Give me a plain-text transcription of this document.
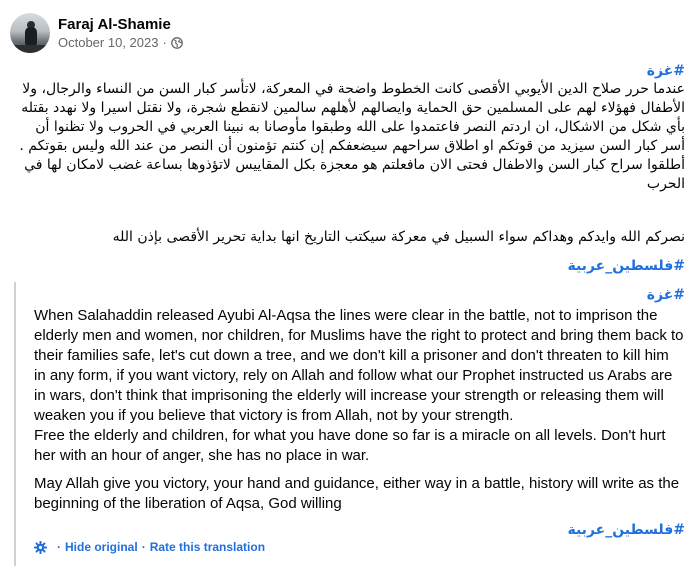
Faraj Al-Shamie
October 10, 2023 ·
#غزة

عندما حرر صلاح الدين الأيوبي الأقصى كانت الخطوط واضحة في المعركة، لاتأسر كبار السن من النساء والرجال، ولا الأطفال فهؤلاء لهم على المسلمين حق الحماية وايصالهم لأهلهم سالمين لانقطع شجرة، ولا نقتل اسيرا ولا نهدد بقتله بأي شكل من الاشكال، ان اردتم النصر فاعتمدوا على الله وطبقوا مأوصانا به نبينا العربي في الحروب ولا تظنوا أن أسر كبار السن سيزيد من قوتكم او اطلاق سراحهم سيضعفكم إن كنتم تؤمنون أن النصر من عند الله وليس بقوتكم .

أطلقوا سراح كبار السن والاطفال فحتى الان مافعلتم هو معجزة بكل المقاييس لاتؤذوها بساعة غضب لامكان لها في الحرب

نصركم الله وايدكم وهداكم سواء السبيل في معركة سيكتب التاريخ انها بداية تحرير الأقصى بإذن الله

#فلسطين_عربية
#غزة

When Salahaddin released Ayubi Al-Aqsa the lines were clear in the battle, not to imprison the elderly men and women, nor children, for Muslims have the right to protect and bring them back to their families safe, let's cut down a tree, and we don't kill a prisoner and don't threaten to kill him in any form, if you want victory, rely on Allah and follow what our Prophet instructed us Arabs are in wars, don't think that imprisoning the elderly will increase your strength or releasing them will weaken you if you believe that victory is from Allah, not by your strength.

Free the elderly and children, for what you have done so far is a miracle on all levels. Don't hurt her with an hour of anger, she has no place in war.

May Allah give you victory, your hand and guidance, either way in a battle, history will write as the beginning of the liberation of Aqsa, God willing

#فلسطين_عربية
· Hide original · Rate this translation
